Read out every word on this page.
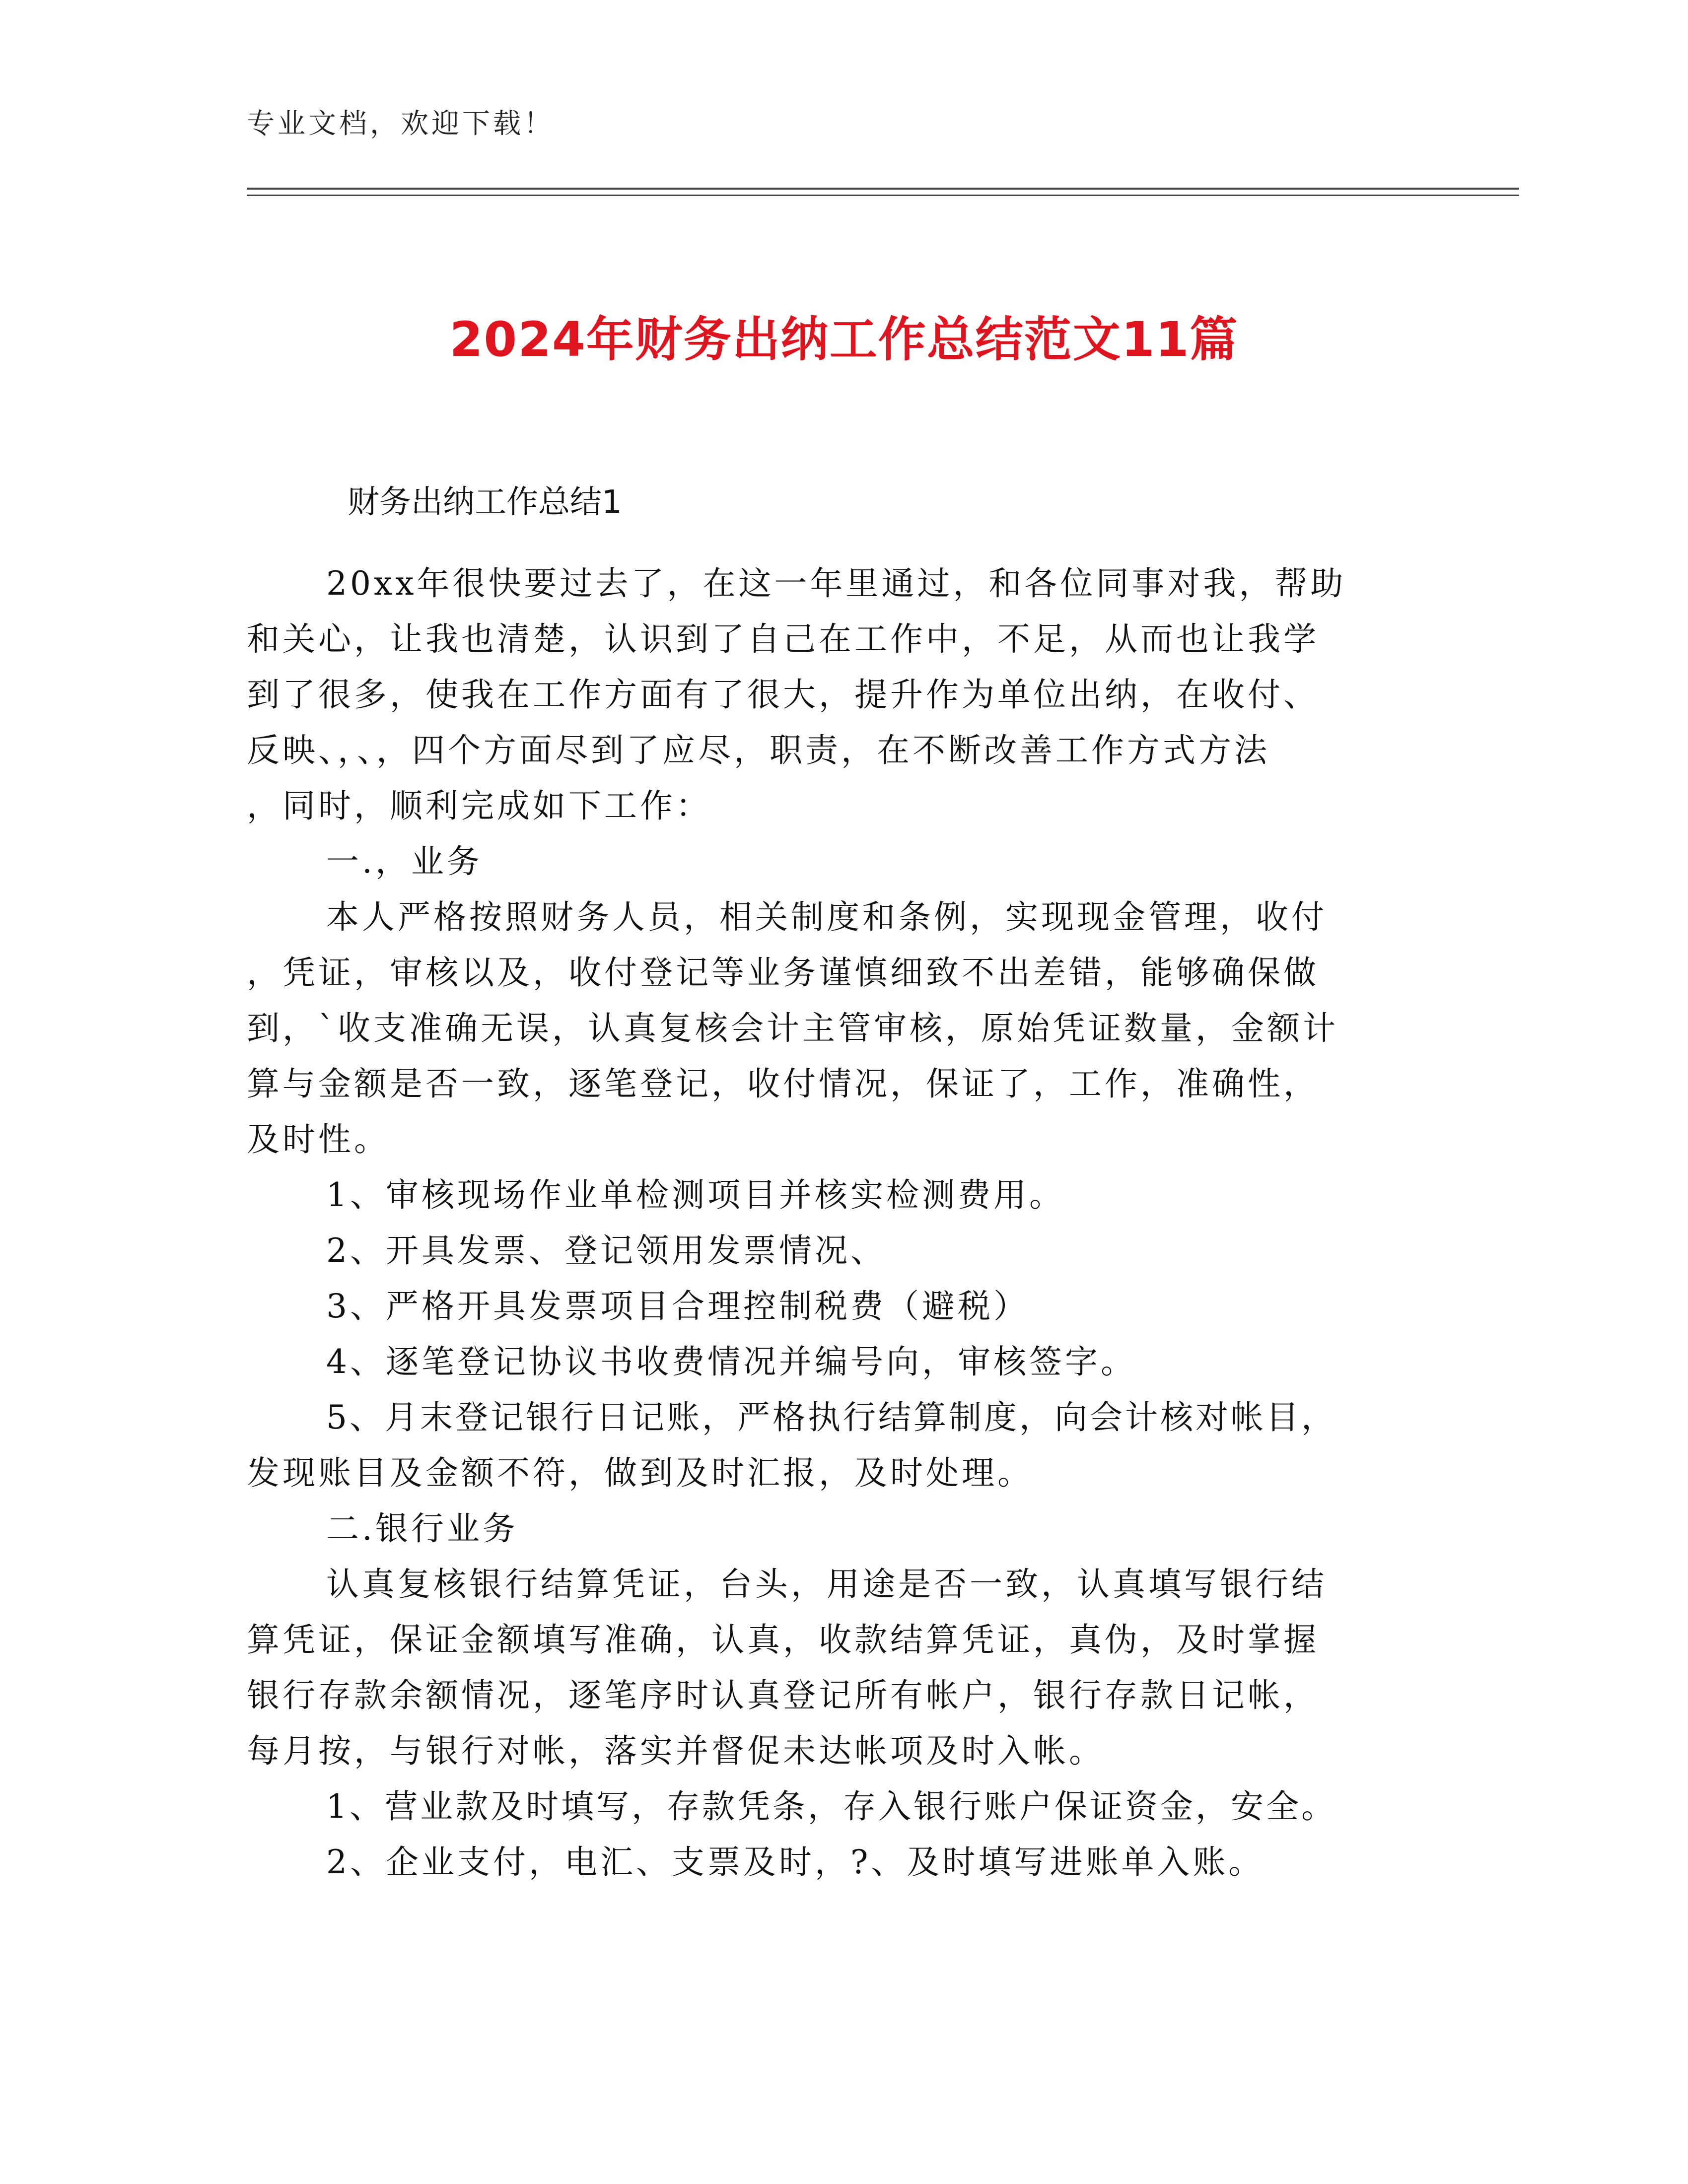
专业文档，欢迎下载！
2024年财务出纳工作总结范文11篇
财务出纳工作总结1

20xx年很快要过去了，在这一年里通过，和各位同事对我，帮助

和关心，让我也清楚，认识到了自己在工作中，不足，从而也让我学

到了很多，使我在工作方面有了很大，提升作为单位出纳，在收付、

反映、，、，四个方面尽到了应尽，职责，在不断改善工作方式方法

，同时，顺利完成如下工作：

一.，业务

本人严格按照财务人员，相关制度和条例，实现现金管理，收付

，凭证，审核以及，收付登记等业务谨慎细致不出差错，能够确保做

到，`收支准确无误，认真复核会计主管审核，原始凭证数量，金额计

算与金额是否一致，逐笔登记，收付情况，保证了，工作，准确性，

及时性。

1、审核现场作业单检测项目并核实检测费用。

2、开具发票、登记领用发票情况、

3、严格开具发票项目合理控制税费（避税）

4、逐笔登记协议书收费情况并编号向，审核签字。

5、月末登记银行日记账，严格执行结算制度，向会计核对帐目，

发现账目及金额不符，做到及时汇报，及时处理。

二.银行业务

认真复核银行结算凭证，台头，用途是否一致，认真填写银行结

算凭证，保证金额填写准确，认真，收款结算凭证，真伪，及时掌握

银行存款余额情况，逐笔序时认真登记所有帐户，银行存款日记帐，

每月按，与银行对帐，落实并督促未达帐项及时入帐。

1、营业款及时填写，存款凭条，存入银行账户保证资金，安全。

2、企业支付，电汇、支票及时，?、及时填写进账单入账。
